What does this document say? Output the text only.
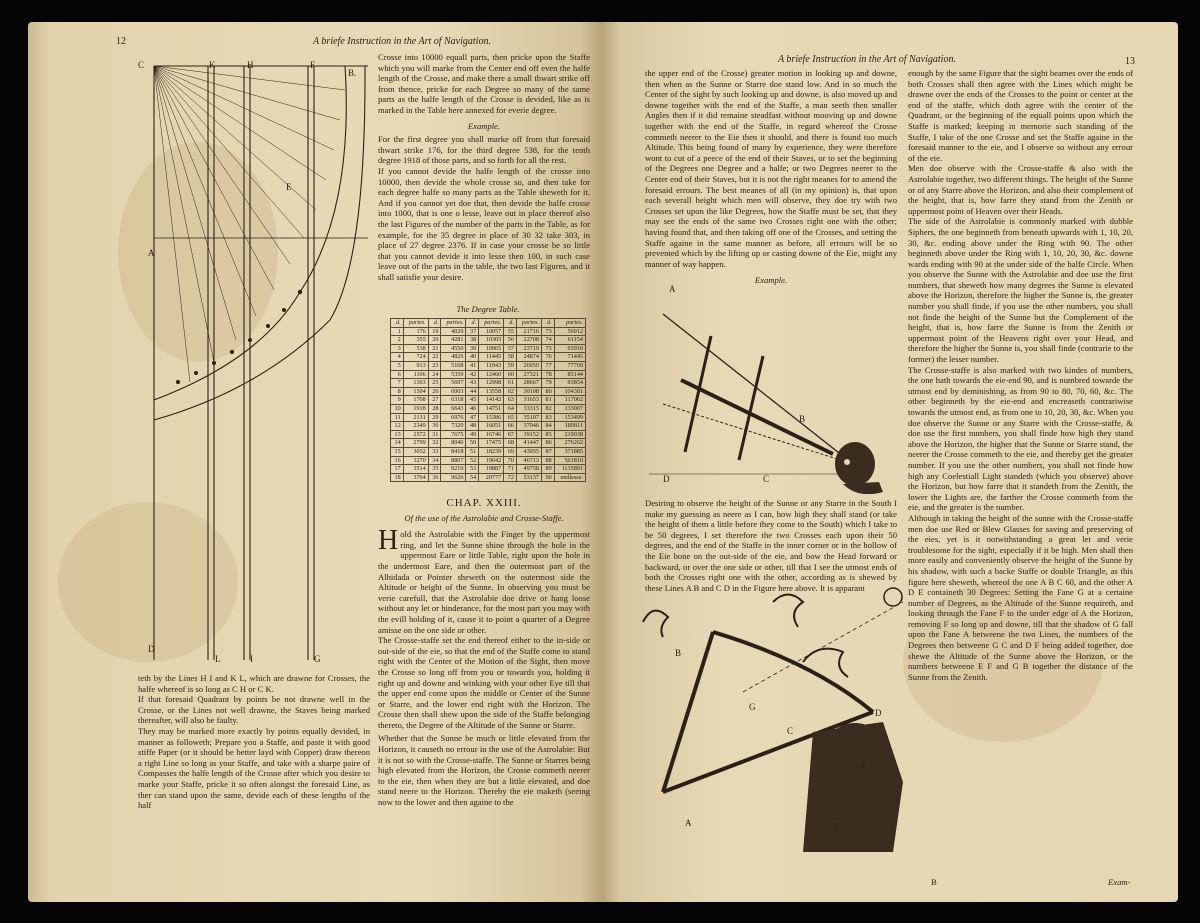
12	A briefe Instruction in the Art of Navigation.
C	K	H	F
B.
A
E
D
L	I	G

Crosse into 10000 equall parts, then pricke upon the Staffe which you will marke from the Center end off even the halfe length of the Crosse, and make there a small thwart strike off from thence, pricke for each Degree so many of the same parts as the halfe length of the Crosse is devided, like as is marked in the Table here annexed for everie degree.

Example.

For the first degree you shall marke off from that foresaid thwart strike 176, for the third degree 538, for the tenth degree 1918 of those parts, and so forth for all the rest.

If you cannot devide the halfe length of the crosse into 10000, then devide the whole crosse so, and then take for each degree halfe so many parts as the Table sheweth for it. And if you cannot yet doe that, then devide the halfe crosse into 1000, that is one o lesse, leave out in place thereof also the last Figures of the number of the parts in the Table, as for example, for the 35 degree in place of 30 32 take 303, in place of 27 degree 2376. If in case your crosse be so little that you cannot devide it into lesse then 100, in such case leave out of the parts in the table, the two last Figures, and it shall satisfie your desire.

The Degree Table.
d.	partes.	d.	partes.	d.	partes.	d.	partes.	d.	partes.
1	176	19	4029	37	10057	55	21716	73	56912
2	355	20	4281	38	10303	56	22708	74	61154
3	538	21	4550	39	10965	57	23719	75	65918
4	724	22	4826	40	11445	58	24874	76	71445
5	913	23	5108	41	11943	59	26059	77	77769
6	1106	24	5359	42	12460	60	27321	78	85144
7	1303	25	5697	43	12998	61	28667	79	93854
8	1504	26	6003	44	13558	62	30108	80	104301
9	1708	27	6318	45	14142	63	31653	81	117062
10	1918	28	6643	46	14751	64	33315	82	133007
11	2131	29	6976	47	15386	65	35107	83	153499
12	2349	30	7320	48	16051	66	37046	84	180811
13	2572	31	7675	49	16746	67	39152	85	219038
14	2799	32	8040	50	17475	68	41447	86	276262
15	3032	33	8418	51	18239	69	43955	87	371885
16	3270	34	8807	52	19042	70	46713	88	561810
17	3514	35	9210	53	19887	71	49758	89	1135891
18	3764	36	9626	54	20777	72	53137	90	endlesse.

CHAP. XXIII.

Of the use of the Astrolabie and Crosse-Staffe.

Hold the Astrolabie with the Finger by the uppermost ring, and let the Sunne shine through the hole in the uppermost Eare or little Table, right upon the hole in the undermost Eare, and then the outermost part of the Alhidada or Pointer sheweth on the outermost side the Altitude or height of the Sunne. In observing you must be verie carefull, that the Astrolabie doe drive or hang loose without any let or hinderance, for the most part you may with the evill holding of it, cause it to point a quarter of a Degree amisse on the one side or other.

The Crosse-staffe set the end thereof either to the in-side or out-side of the eie, so that the end of the Staffe come to stand right with the Center of the Motion of the Sight, then move the Crosse so long off from you or towards you, holding it right up and downe and winking with your other Eye till that the upper end come upon the middle or Center of the Sunne or Starre, and the lower end right with the Horizon. The Crosse then shall shew upon the side of the Staffe belonging thereto, the Degree of the Altitude of the Sunne or Starre.

Whether that the Sunne be much or little elevated from the Horizon, it causeth no errour in the use of the Astrolabie: But it is not so with the Crosse-staffe. The Sunne or Starres being high elevated from the Horizon, the Crosse commeth neerer to the eie, then when they are but a little elevated, and doe stand neere to the Horizon. Thereby the eie maketh (seeing now to the lower and then againe to the

teth by the Lines H I and K L, which are drawne for Crosses, the halfe whereof is so long as C H or C K.

If that foresaid Quadrant by points be not drawne well in the Crosse, or the Lines not well drawne, the Staves being marked thereafter, will also be faulty.

They may be marked more exactly by points equally devided, in manner as followeth; Prepare you a Staffe, and paste it with good stiffe Paper (or it should be better layd with Copper) draw thereon a right Line so long as your Staffe, and take with a sharpe paire of Compasses the halfe length of the Crosse after which you desire to marke your Staffe, pricke it so often alongst the foresaid Line, as ther can stand upon the same, devide each of these lengths of the half

A briefe Instruction in the Art of Navigation.	13

the upper end of the Crosse) greater motion in looking up and downe, then when as the Sunne or Starre doe stand low. And in so much the Center of the sight by such looking up and downe, is also moved up and downe together with the end of the Staffe, a man seeth then smaller Angles then if it did remaine steadfast without mooving up and downe together with the end of the Staffe, in regard whereof the Crosse commeth neerer to the Eie then it should, and there is found too much Altitude. This being found of many by experience, they were therefore wont to cut of a peece of the end of their Staves, or to set the beginning of the Degrees one Degree and a halfe; or two Degrees neerer to the Center end of their Staves, but it is not the right meanes for to amend the foresaid errours. The best meanes of all (in my opinion) is, that upon each severall height which men will observe, they doe try with two Crosses set upon the like Degrees, how the Staffe must be set, that they may see the ends of the same two Crosses right one with the other; having found that, and then taking off one of the Crosses, and setting the Staffe againe in the same manner as before, all errours will be so prevented which by the lifting up or casting downe of the Eie, might any manner of way happen.

Example.

A
B
D	C

Desiring to observe the height of the Sunne or any Starre in the South I make my guessing as neere as I can, how high they shall stand (or take the height of them a little before they come to the South) which I take to be 50 degrees, I set therefore the two Crosses each upon their 50 degrees, and the end of the Staffe in the inner corner or in the hollow of the Eie bone on the out-side of the eie, and bow the Head forward or backward, or over the one side or other, till that I see the utmost ends of both the Crosses right one with the other, according as is shewed by these Lines A B and C D in the Figure here above. It is apparant

B
G
C
D
F
A	E

enough by the same Figure that the sight beames over the ends of both Crosses shall then agree with the Lines which might be drawne over the ends of the Crosses to the point or center at the end of the staffe, which doth agree with the center of the Quadrant, or the beginning of the equall points upon which the Staffe is marked; keeping in memorie such standing of the Staffe, I take of the one Crosse and set the Staffe againe in the foresaid manner to the eie, and I observe so without any errour of the eie.

Men doe observe with the Crosse-staffe & also with the Astrolabie together, two different things. The height of the Sunne or of any Starre above the Horizon, and also their complement of the height, that is, how farre they stand from the Zenith or uppermost point of Heaven over their Heads.

The side of the Astrolabie is commonly marked with dubble Siphers, the one beginneth from beneath upwards with 1, 10, 20, 30, &c. ending above under the Ring with 90. The other beginneth above under the Ring with 1, 10, 20, 30, &c. downe wards ending with 90 at the under side of the halfe Circle. When you observe the Sunne with the Astrolabie and doe use the first numbers, that sheweth how many degrees the Sunne is elevated above the Horizon, therefore the higher the Sunne is, the greater number you shall finde, if you use the other numbers, you shall not finde the height of the Sunne but the Complement of the height, that is, how farre the Sunne is from the Zenith or uppermost point of the Heavens right over your Head, and therefore the higher the Sunne is, you shall finde (contrarie to the former) the lesser number.

The Crosse-staffe is also marked with two kindes of numbers, the one hath towards the eie-end 90, and is numbred towarde the utmost end by deminishing, as from 90 to 80, 70, 60, &c. The other beginneth by the eie-end and encreaseth contrariwise towards the utmost end, as from one to 10, 20, 30, &c. When you doe observe the Sunne or any Starre with the Crosse-staffe, & doe use the first numbers, you shall finde how high they stand above the Horizon, the higher that the Sunne or Starre stand, the neerer the Crosse commeth to the eie, and thereby get the greater number. If you use the other numbers, you shall not finde how high any Coelestiall Light standeth (which you observe) above the Horizon, but how farre that it standeth from the Zenith, the lower the Lights are, the farther the Crosse commeth from the eie, and the greater is the number.

Although in taking the height of the sunne with the Crosse-staffe men doe use Red or Blew Glasses for saving and preserving of the eies, yet is it notwithstanding a great let and verie troublesome for the sight, especially if it be high. Men shall then more easily and conveniently observe the height of the Sunne by his shadow, with such a backe Staffe or double Triangle, as this figure here sheweth, whereof the one A B C 60, and the other A D E containeth 30 Degrees: Setting the Fane G at a certaine number of Degrees, as the Altitude of the Sunne requireth, and looking through the Fane F to the under edge of A the Horizon, removing F so long up and downe, till that the shadow of G fall upon the Fane A betweene the two Lines, the numbers of the Degrees then betweene G C and D F being added together, doe shewe the Altitude of the Sunne above the Horizon, or the numbers betweene E F and G B together the distance of the Sunne from the Zenith.

B	Exam-
